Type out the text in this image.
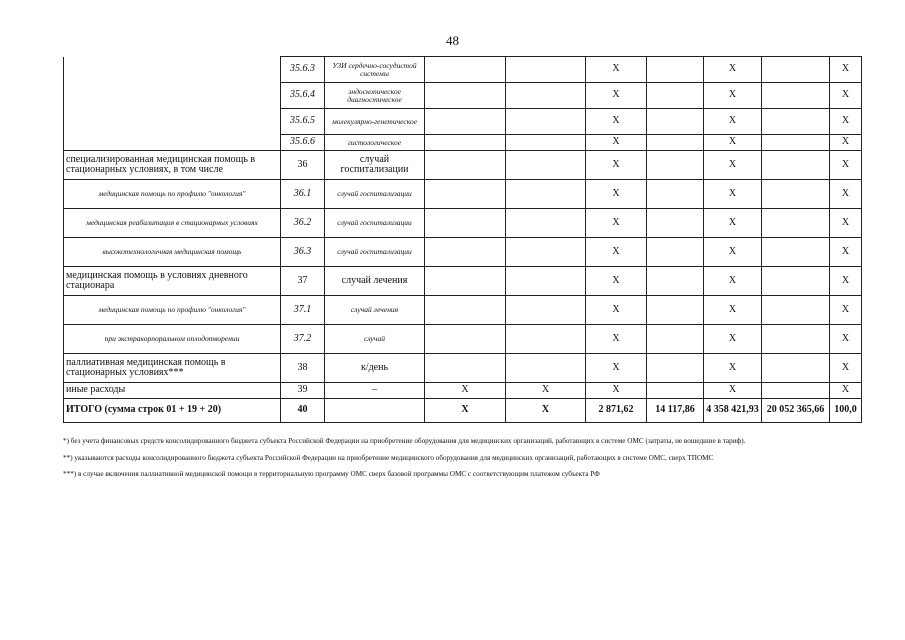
48
	35.6.3	УЗИ сердечно-сосудистой системы			Х		Х		Х
	35.6.4	эндоскопическое диагностическое			Х		Х		Х
	35.6.5	молекулярно-генетическое			Х		Х		Х
	35.6.6	гистологическое			Х		Х		Х
специализированная медицинская помощь в стационарных условиях, в том числе	36	случай госпитализации			Х		Х		Х
медицинская помощь по профилю "онкология"	36.1	случай госпитализации			Х		Х		Х
медицинская реабилитация в стационарных условиях	36.2	случай госпитализации			Х		Х		Х
высокотехнологичная медицинская помощь	36.3	случай госпитализации			Х		Х		Х
медицинская помощь в условиях дневного стационара	37	случай лечения			Х		Х		Х
медицинская помощь по профилю "онкология"	37.1	случай лечения			Х		Х		Х
при экстракорпоральном оплодотворении	37.2	случай			Х		Х		Х
паллиативная медицинская помощь в стационарных условиях***	38	к/день			Х		Х		Х
иные расходы	39	–	Х	Х	Х		Х		Х
ИТОГО (сумма строк 01 + 19 + 20)	40		Х	Х	2 871,62	14 117,86	4 358 421,93	20 052 365,66	100,0

*) без учета финансовых средств консолидированного бюджета субъекта Российской Федерации на приобретение оборудования для медицинских организаций, работающих в системе ОМС (затраты, не вошедшие в тариф).

**) указываются расходы консолидированного бюджета субъекта Российской Федерации на приобретение медицинского оборудования для медицинских организаций, работающих в системе ОМС, сверх ТПОМС

***) в случае включения паллиативной медицинской помощи в территориальную программу ОМС сверх базовой программы ОМС с соответствующим платежом субъекта РФ
